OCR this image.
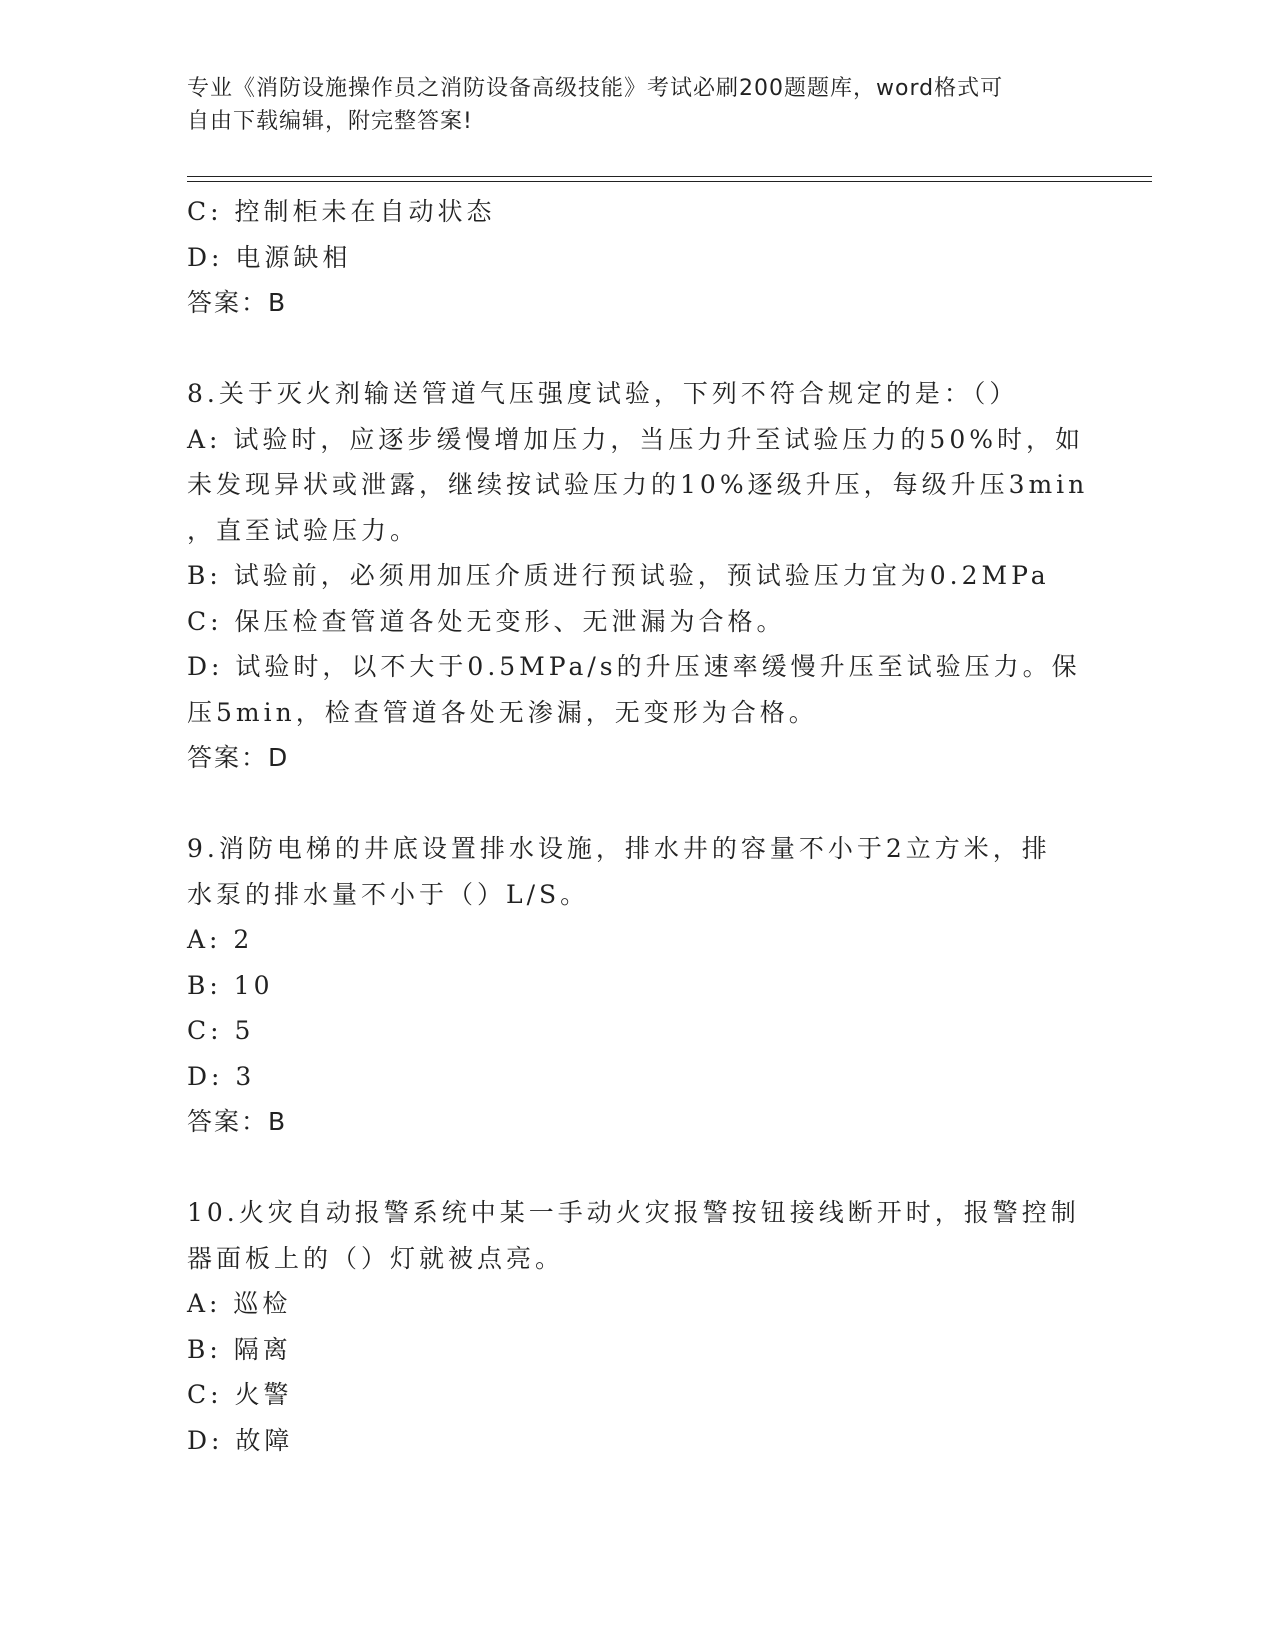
专业《消防设施操作员之消防设备高级技能》考试必刷200题题库，word格式可
自由下载编辑，附完整答案!
C: 控制柜未在自动状态
D: 电源缺相
答案：B
8.关于灭火剂输送管道气压强度试验，下列不符合规定的是：（）
A: 试验时，应逐步缓慢增加压力，当压力升至试验压力的50%时，如
未发现异状或泄露，继续按试验压力的10%逐级升压，每级升压3min
，直至试验压力。
B: 试验前，必须用加压介质进行预试验，预试验压力宜为0.2MPa
C: 保压检查管道各处无变形、无泄漏为合格。
D: 试验时，以不大于0.5MPa/s的升压速率缓慢升压至试验压力。保
压5min，检查管道各处无渗漏，无变形为合格。
答案：D
9.消防电梯的井底设置排水设施，排水井的容量不小于2立方米，排
水泵的排水量不小于（）L/S。
A: 2
B: 10
C: 5
D: 3
答案：B
10.火灾自动报警系统中某一手动火灾报警按钮接线断开时，报警控制
器面板上的（）灯就被点亮。
A: 巡检
B: 隔离
C: 火警
D: 故障
